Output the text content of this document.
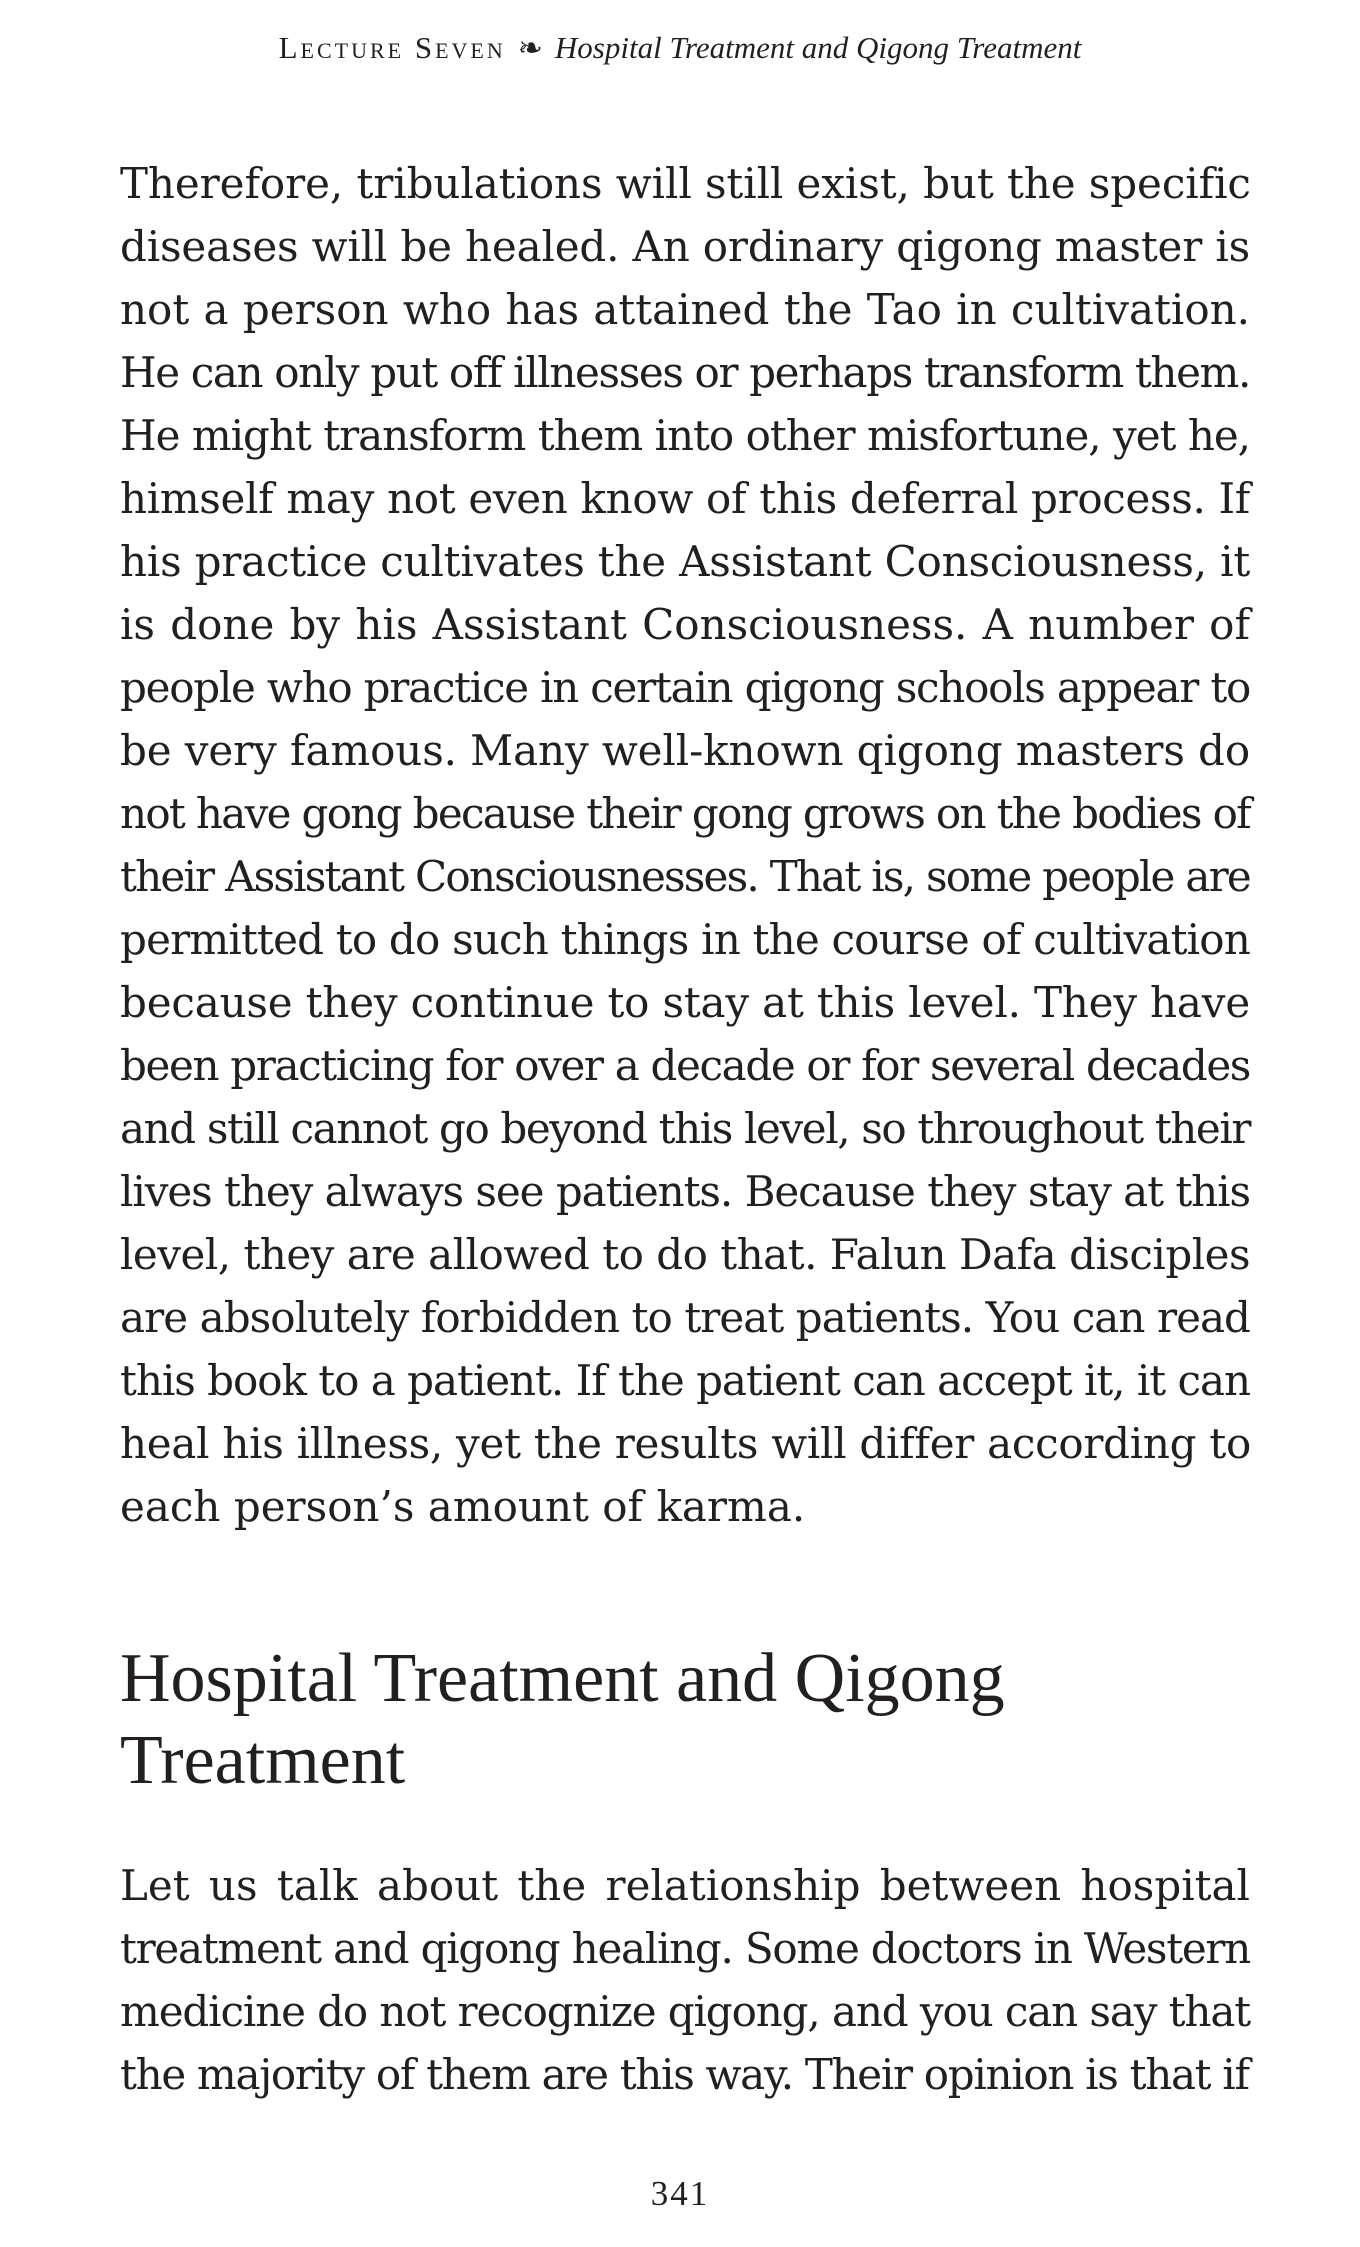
Lecture Seven ❧ Hospital Treatment and Qigong Treatment

Therefore, tribulations will still exist, but the specific
diseases will be healed. An ordinary qigong master is
not a person who has attained the Tao in cultivation.
He can only put off illnesses or perhaps transform them.
He might transform them into other misfortune, yet he,
himself may not even know of this deferral process. If
his practice cultivates the Assistant Consciousness, it
is done by his Assistant Consciousness. A number of
people who practice in certain qigong schools appear to
be very famous. Many well-known qigong masters do
not have gong because their gong grows on the bodies of
their Assistant Consciousnesses. That is, some people are
permitted to do such things in the course of cultivation
because they continue to stay at this level. They have
been practicing for over a decade or for several decades
and still cannot go beyond this level, so throughout their
lives they always see patients. Because they stay at this
level, they are allowed to do that. Falun Dafa disciples
are absolutely forbidden to treat patients. You can read
this book to a patient. If the patient can accept it, it can
heal his illness, yet the results will differ according to
each person’s amount of karma.

Hospital Treatment and Qigong
Treatment

Let us talk about the relationship between hospital
treatment and qigong healing. Some doctors in Western
medicine do not recognize qigong, and you can say that
the majority of them are this way. Their opinion is that if

341
